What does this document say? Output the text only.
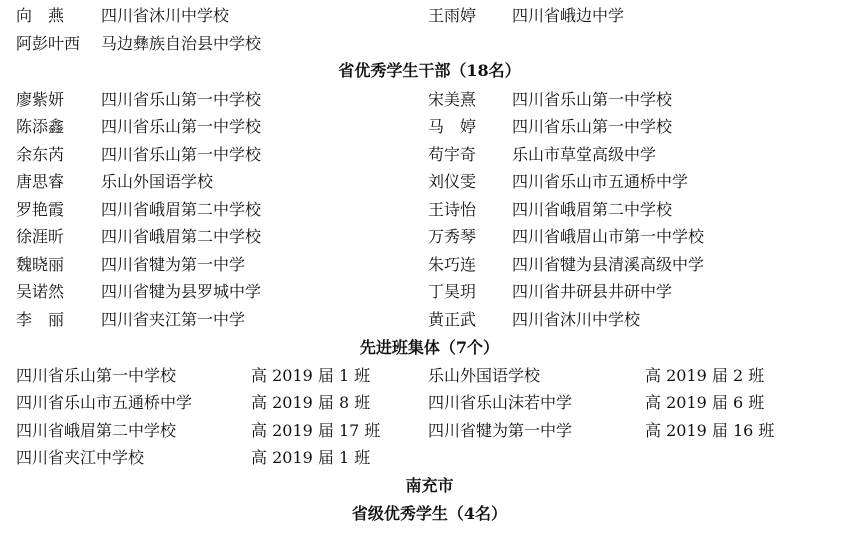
向　燕 四川省沐川中学校	王雨婷 四川省峨边中学
阿彭叶西 马边彝族自治县中学校
省优秀学生干部（18名）
廖紫妍 四川省乐山第一中学校	宋美熹 四川省乐山第一中学校
陈添鑫 四川省乐山第一中学校	马　婷 四川省乐山第一中学校
余东芮 四川省乐山第一中学校	苟宇奇 乐山市草堂高级中学
唐思睿 乐山外国语学校	刘仪雯 四川省乐山市五通桥中学
罗艳霞 四川省峨眉第二中学校	王诗怡 四川省峨眉第二中学校
徐涯昕 四川省峨眉第二中学校	万秀琴 四川省峨眉山市第一中学校
魏晓丽 四川省犍为第一中学	朱巧连 四川省犍为县清溪高级中学
吴诺然 四川省犍为县罗城中学	丁昊玥 四川省井研县井研中学
李　丽 四川省夹江第一中学	黄正武 四川省沐川中学校
先进班集体（7个）
四川省乐山第一中学校	高 2019 届 1 班	乐山外国语学校	高 2019 届 2 班
四川省乐山市五通桥中学	高 2019 届 8 班	四川省乐山沫若中学	高 2019 届 6 班
四川省峨眉第二中学校	高 2019 届 17 班	四川省犍为第一中学	高 2019 届 16 班
四川省夹江中学校	高 2019 届 1 班
南充市
省级优秀学生（4名）
